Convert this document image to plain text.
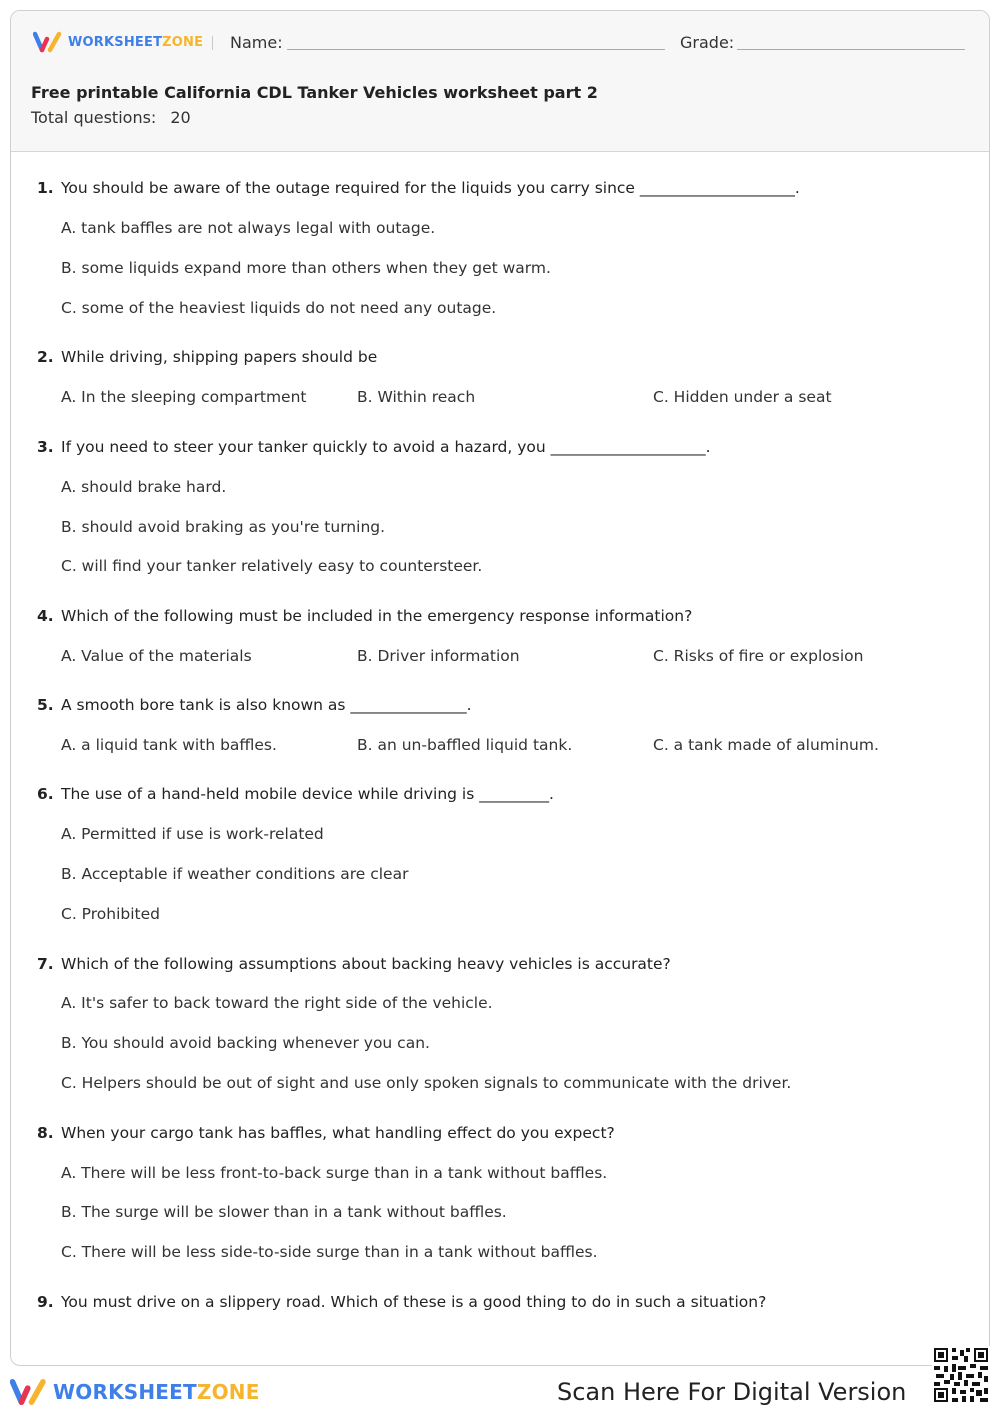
WORKSHEETZONE Name:	Grade:
Free printable California CDL Tanker Vehicles worksheet part 2
Total questions: 20
1. You should be aware of the outage required for the liquids you carry since ____________________.
A. tank baffles are not always legal with outage.
B. some liquids expand more than others when they get warm.
C. some of the heaviest liquids do not need any outage.
2. While driving, shipping papers should be
A. In the sleeping compartment	B. Within reach	C. Hidden under a seat
3. If you need to steer your tanker quickly to avoid a hazard, you ____________________.
A. should brake hard.
B. should avoid braking as you're turning.
C. will find your tanker relatively easy to countersteer.
4. Which of the following must be included in the emergency response information?
A. Value of the materials	B. Driver information	C. Risks of fire or explosion
5. A smooth bore tank is also known as _______________.
A. a liquid tank with baffles.	B. an un-baffled liquid tank.	C. a tank made of aluminum.
6. The use of a hand-held mobile device while driving is _________.
A. Permitted if use is work-related
B. Acceptable if weather conditions are clear
C. Prohibited
7. Which of the following assumptions about backing heavy vehicles is accurate?
A. It's safer to back toward the right side of the vehicle.
B. You should avoid backing whenever you can.
C. Helpers should be out of sight and use only spoken signals to communicate with the driver.
8. When your cargo tank has baffles, what handling effect do you expect?
A. There will be less front-to-back surge than in a tank without baffles.
B. The surge will be slower than in a tank without baffles.
C. There will be less side-to-side surge than in a tank without baffles.
9. You must drive on a slippery road. Which of these is a good thing to do in such a situation?
WORKSHEETZONE	Scan Here For Digital Version
